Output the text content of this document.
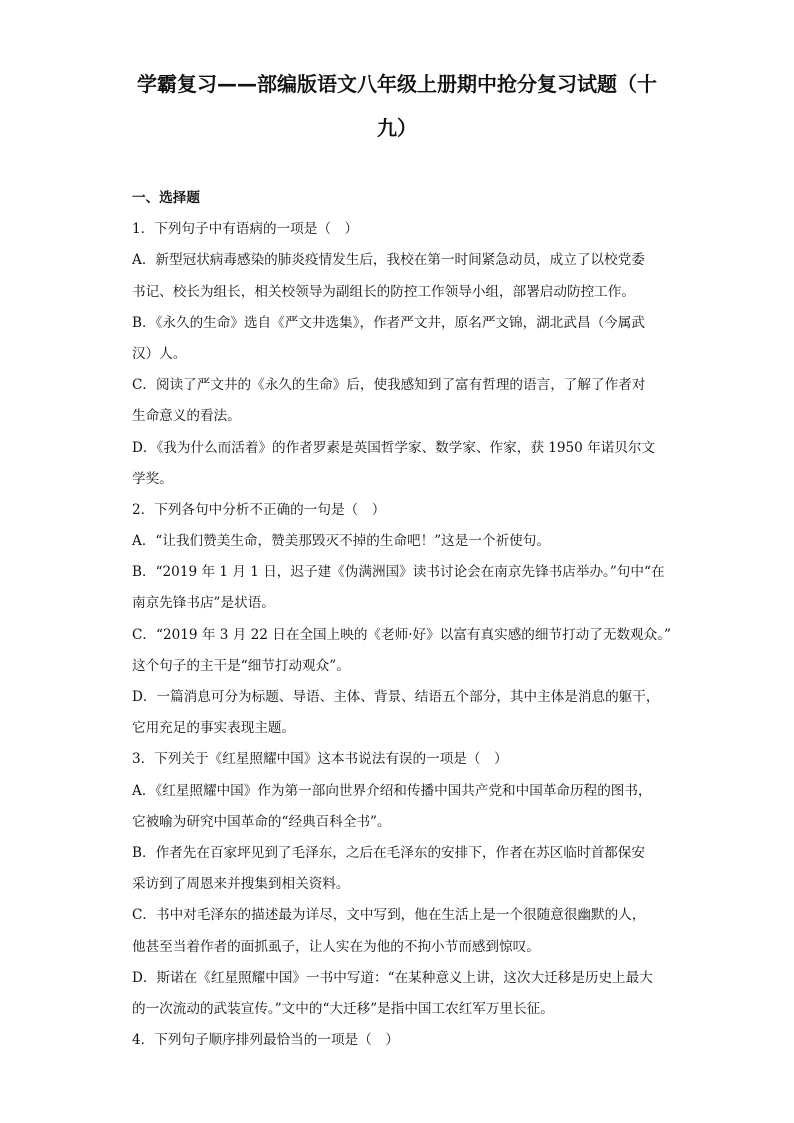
学霸复习——部编版语文八年级上册期中抢分复习试题（十
九）
一、选择题
1．下列句子中有语病的一项是（　）
A．新型冠状病毒感染的肺炎疫情发生后，我校在第一时间紧急动员，成立了以校党委
书记、校长为组长，相关校领导为副组长的防控工作领导小组，部署启动防控工作。
B．《永久的生命》选自《严文井选集》，作者严文井，原名严文锦，湖北武昌（今属武
汉）人。
C．阅读了严文井的《永久的生命》后，使我感知到了富有哲理的语言，了解了作者对
生命意义的看法。
D．《我为什么而活着》的作者罗素是英国哲学家、数学家、作家，获 1950 年诺贝尔文
学奖。
2．下列各句中分析不正确的一句是（　）
A．“让我们赞美生命，赞美那毁灭不掉的生命吧！”这是一个祈使句。
B．“2019 年 1 月 1 日，迟子建《伪满洲国》读书讨论会在南京先锋书店举办。”句中“在
南京先锋书店”是状语。
C．“2019 年 3 月 22 日在全国上映的《老师·好》以富有真实感的细节打动了无数观众。”
这个句子的主干是“细节打动观众”。
D．一篇消息可分为标题、导语、主体、背景、结语五个部分，其中主体是消息的躯干，
它用充足的事实表现主题。
3．下列关于《红星照耀中国》这本书说法有误的一项是（　）
A．《红星照耀中国》作为第一部向世界介绍和传播中国共产党和中国革命历程的图书，
它被喻为研究中国革命的“经典百科全书”。
B．作者先在百家坪见到了毛泽东，之后在毛泽东的安排下，作者在苏区临时首都保安
采访到了周恩来并搜集到相关资料。
C．书中对毛泽东的描述最为详尽，文中写到，他在生活上是一个很随意很幽默的人，
他甚至当着作者的面抓虱子，让人实在为他的不拘小节而感到惊叹。
D．斯诺在《红星照耀中国》一书中写道：“在某种意义上讲，这次大迁移是历史上最大
的一次流动的武装宣传。”文中的“大迁移”是指中国工农红军万里长征。
4．下列句子顺序排列最恰当的一项是（　）
